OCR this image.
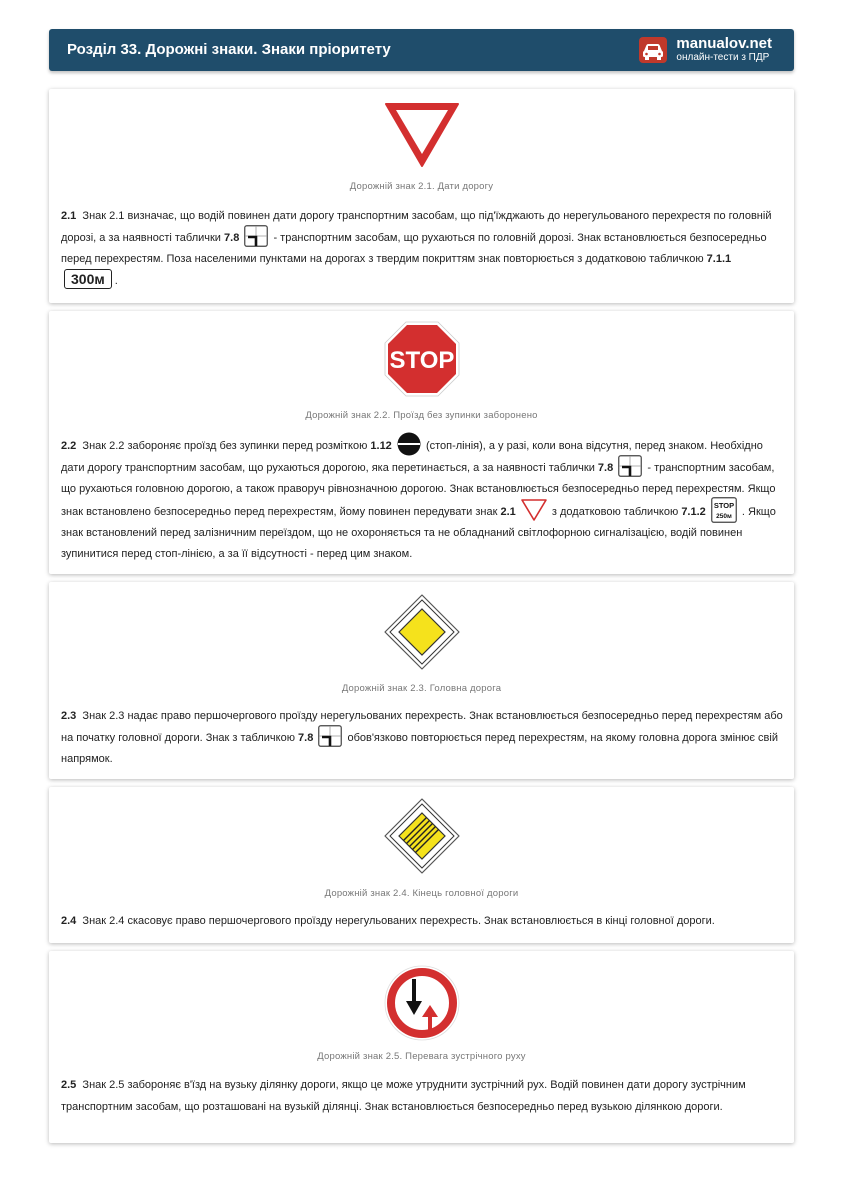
Розділ 33. Дорожні знаки. Знаки пріоритету	manualov.net
онлайн-тести з ПДР
Дорожній знак 2.1. Дати дорогу
2.1 Знак 2.1 визначає, що водій повинен дати дорогу транспортним засобам, що під'їжджають до нерегульованого перехрестя по головній дорозі, а за наявності таблички 7.8	- транспортним засобам, що рухаються по головній дорозі. Знак встановлюється безпосередньо перед перехрестям. Поза населеними пунктами на дорогах з твердим покриттям знак повторюється з додатковою табличкою 7.1.1 300м .
STOP
Дорожній знак 2.2. Проїзд без зупинки заборонено
2.2 Знак 2.2 забороняє проїзд без зупинки перед розміткою 1.12	(стоп-лінія), а у разі, коли вона відсутня, перед знаком. Необхідно дати дорогу транспортним засобам, що рухаються дорогою, яка перетинається, а за наявності таблички 7.8	- транспортним засобам, що рухаються головною дорогою, а також праворуч рівнозначною дорогою. Знак встановлюється безпосередньо перед перехрестям. Якщо знак встановлено безпосередньо перед перехрестям, йому повинен передувати знак 2.1	з додатковою табличкою 7.1.2
STOP
250м . Якщо знак встановлений перед залізничним переїздом, що не охороняється та не обладнаний світлофорною сигналізацією, водій повинен зупинитися перед стоп-лінією, а за її відсутності - перед цим знаком.
Дорожній знак 2.3. Головна дорога
2.3 Знак 2.3 надає право першочергового проїзду нерегульованих перехресть. Знак встановлюється безпосередньо перед перехрестям або на початку головної дороги. Знак з табличкою 7.8	обов'язково повторюється перед перехрестям, на якому головна дорога змінює свій напрямок.
Дорожній знак 2.4. Кінець головної дороги
2.4 Знак 2.4 скасовує право першочергового проїзду нерегульованих перехресть. Знак встановлюється в кінці головної дороги.
Дорожній знак 2.5. Перевага зустрічного руху
2.5 Знак 2.5 забороняє в'їзд на вузьку ділянку дороги, якщо це може утруднити зустрічний рух. Водій повинен дати дорогу зустрічним транспортним засобам, що розташовані на вузькій ділянці. Знак встановлюється безпосередньо перед вузькою ділянкою дороги.
